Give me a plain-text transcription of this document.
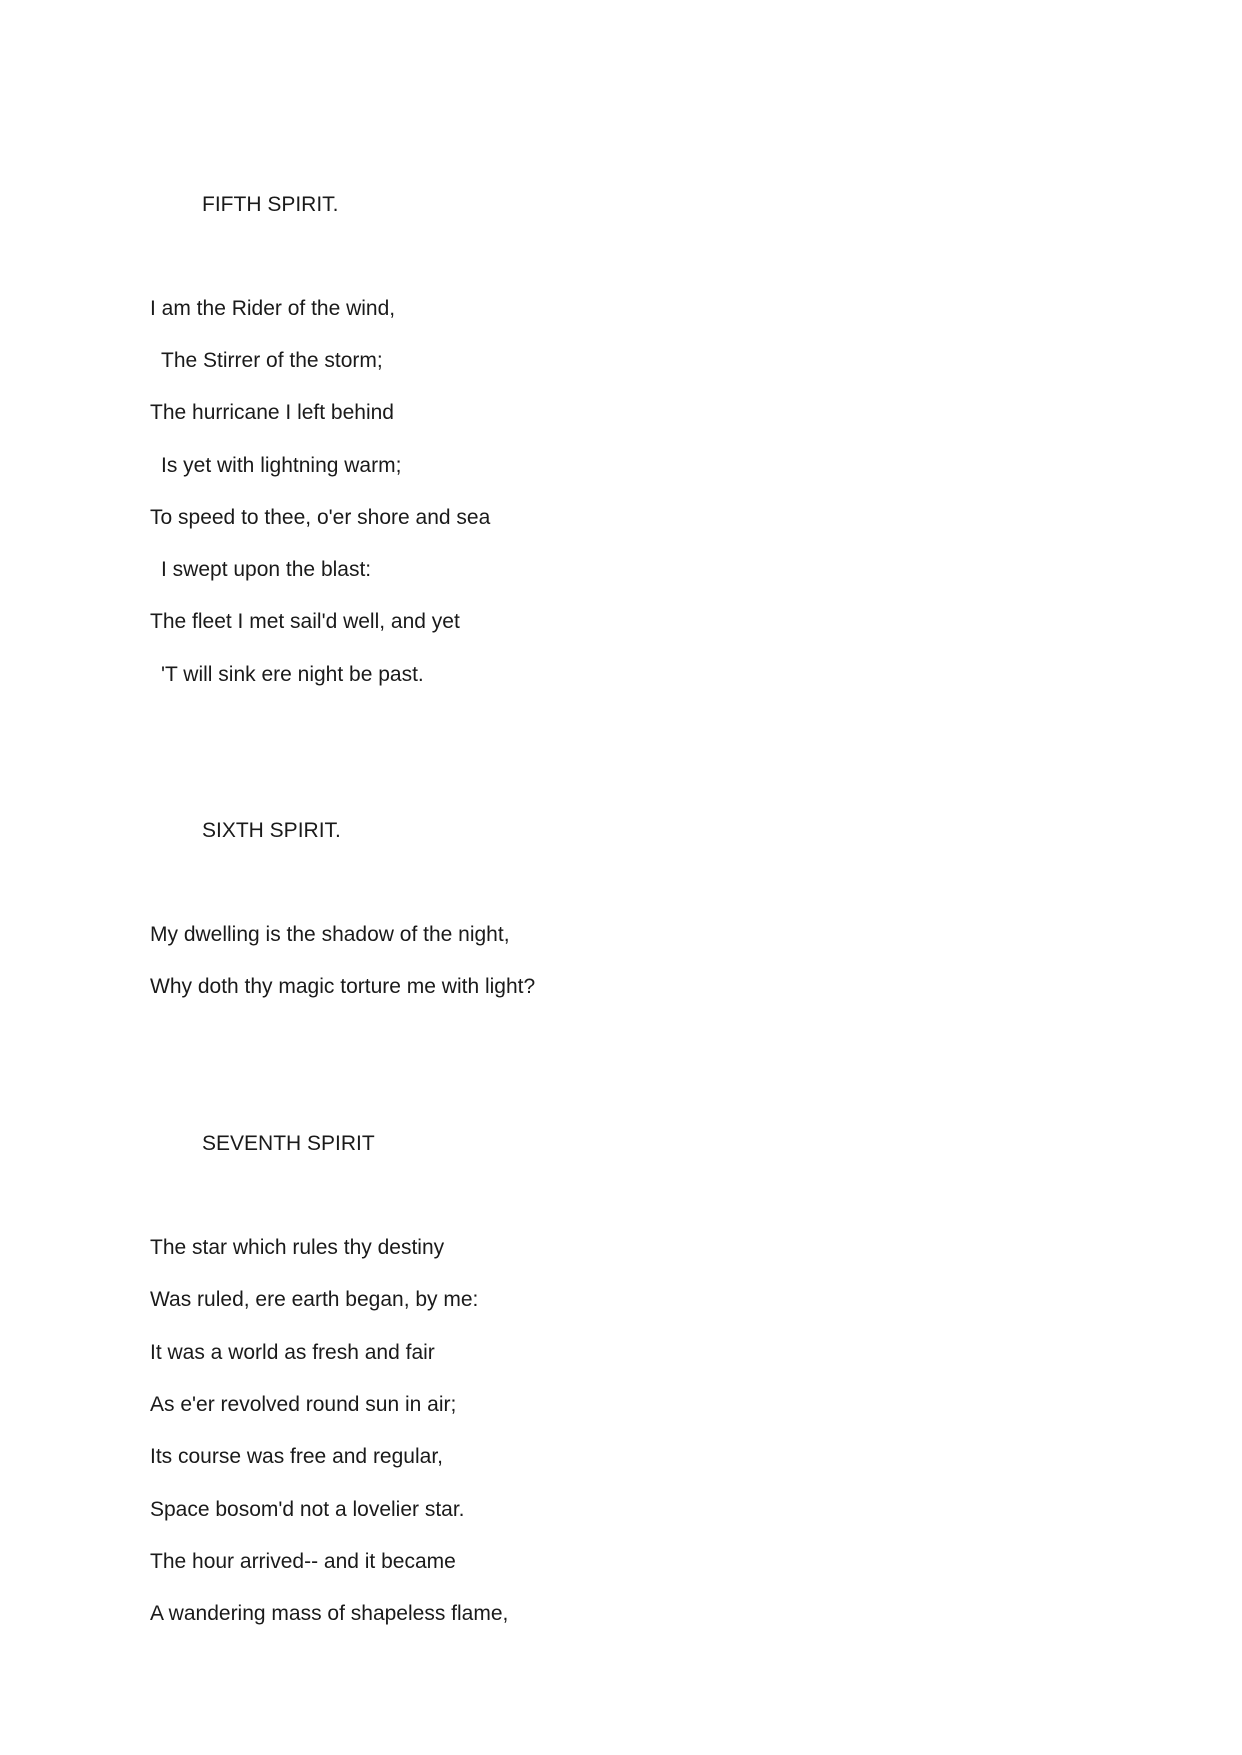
FIFTH SPIRIT.
I am the Rider of the wind,
The Stirrer of the storm;
The hurricane I left behind
Is yet with lightning warm;
To speed to thee, o'er shore and sea
I swept upon the blast:
The fleet I met sail'd well, and yet
'T will sink ere night be past.
SIXTH SPIRIT.
My dwelling is the shadow of the night,
Why doth thy magic torture me with light?
SEVENTH SPIRIT
The star which rules thy destiny
Was ruled, ere earth began, by me:
It was a world as fresh and fair
As e'er revolved round sun in air;
Its course was free and regular,
Space bosom'd not a lovelier star.
The hour arrived-- and it became
A wandering mass of shapeless flame,
